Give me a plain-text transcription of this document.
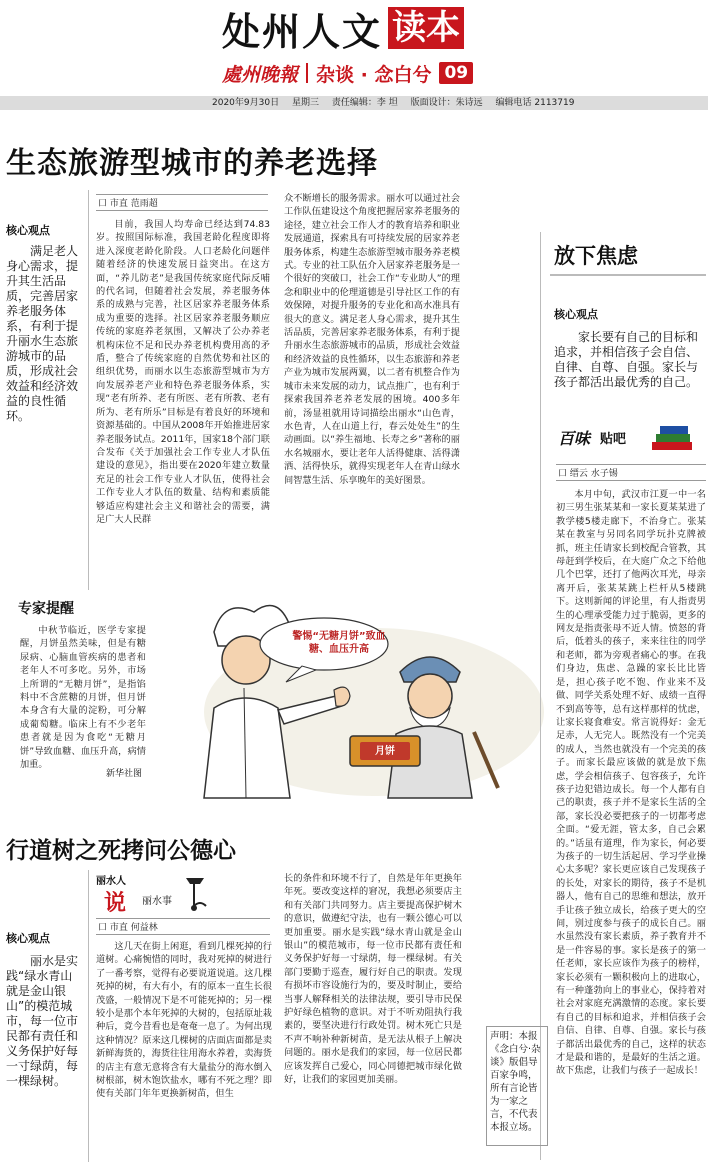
处州人文 读本
處州晚報 杂谈 · 念白兮 09
2020年9月30日 星期三 责任编辑：李 坦 版面设计：朱诗远 编辑电话 2113719
生态旅游型城市的养老选择
核心观点
满足老人身心需求，提升其生活品质，完善居家养老服务体系，有利于提升丽水生态旅游城市的品质，形成社会效益和经济效益的良性循环。
口 市直 范雨超

目前，我国人均寿命已经达到74.83岁。按照国际标准，我国老龄化程度即将进入深度老龄化阶段。人口老龄化问题伴随着经济的快速发展日益突出。在这方面，“养儿防老”是我国传统家庭代际反哺的代名词，但随着社会发展，养老服务体系的成熟与完善，社区居家养老服务体系成为重要的选择。社区居家养老服务顺应传统的家庭养老氛围，又解决了公办养老机构床位不足和民办养老机构费用高的矛盾，整合了传统家庭的自然优势和社区的组织优势，而丽水以生态旅游型城市为方向发展养老产业和特色养老服务体系，实现“老有所养、老有所医、老有所教、老有所为、老有所乐”目标是有着良好的环境和资源基础的。中国从2008年开始推进居家养老服务试点。2011年，国家18个部门联合发布《关于加强社会工作专业人才队伍建设的意见》，指出要在2020年建立数量充足的社会工作专业人才队伍，使得社会工作专业人才队伍的数量、结构和素质能够适应构建社会主义和谐社会的需要，满足广大人民群

众不断增长的服务需求。丽水可以通过社会工作队伍建设这个角度把握居家养老服务的途径，建立社会工作人才的教育培养和职业发展通道，探索具有可持续发展的居家养老服务体系，构建生态旅游型城市服务养老模式。专业的社工队伍介入居家养老服务是一个很好的突破口，社会工作“专业助人”的理念和职业中的伦理道德是引导社区工作的有效保障，对提升服务的专业化和高水准具有很大的意义。满足老人身心需求，提升其生活品质，完善居家养老服务体系，有利于提升丽水生态旅游城市的品质，形成社会效益和经济效益的良性循环，以生态旅游和养老产业为城市发展两翼，以二者有机整合作为城市未来发展的动力，试点推广，也有利于探索我国养老养老发展的困境。400多年前，汤显祖就用诗词描绘出丽水“山色青，水色青，人在山道上行，春云处处生”的生动画面。以“养生福地、长寿之乡”著称的丽水名城丽水，要让老年人活得健康、活得潇洒、活得快乐，就得实现老年人在青山绿水间智慧生活、乐享晚年的美好图景。

专家提醒

中秋节临近，医学专家提醒，月饼虽然美味，但是有糖尿病、心脑血管疾病的患者和老年人不可多吃。另外，市场上所谓的“无糖月饼”，是指馅料中不含蔗糖的月饼，但月饼本身含有大量的淀粉，可分解成葡萄糖。临床上有不少老年患者就是因为食吃“无糖月饼”导致血糖、血压升高，病情加重。

新华社图
警惕“无糖月饼”致血糖、血压升高
月饼
行道树之死拷问公德心
核心观点
丽水是实践“绿水青山就是金山银山”的模范城市，每一位市民都有责任和义务保护好每一寸绿荫，每一棵绿树。
丽水人
说 丽水事
口 市直 何益林

这几天在街上闲逛，看到几棵死掉的行道树。心痛惋惜的同时，我对死掉的树进行了一番考察，觉得有必要说道说道。这几棵死掉的树，有大有小，有的原本一直生长很茂盛，一般情况下是不可能死掉的；另一棵较小是那个本年死掉的大树的，包括原址栽种后，竟今昔看也是奄奄一息了。为何出现这种情况？原来这几棵树的店面店面都是卖新鲜海货的，海货往往用海水养着，卖海货的店主有意无意将含有大量盐分的海水倒入树根部，树木饱饮盐水，哪有不死之理？即使有关部门年年更换新树苗，但生

长的条件和环境不行了，自然是年年更换年年死。要改变这样的窘况，我想必须要店主和有关部门共同努力。店主要提高保护树木的意识，做遵纪守法，也有一颗公德心可以更加重要。丽水是实践“绿水青山就是金山银山”的模范城市，每一位市民都有责任和义务保护好每一寸绿荫，每一棵绿树。有关部门要勤于巡查，履行好自己的职责。发现有损坏市容设施行为的，要及时制止，要给当事人解释相关的法律法规，要引导市民保护好绿色植物的意识。对于不听劝阻执行我素的，要坚决进行行政处罚。树木死亡只是不声不响补种新树苗，是无法从根子上解决问题的。丽水是我们的家园，每一位居民都应该发挥自己爱心，同心同德把城市绿化做好，让我们的家园更加美丽。

放下焦虑
核心观点
家长要有自己的目标和追求，并相信孩子会自信、自律、自尊、自强。家长与孩子都活出最优秀的自己。
百味 贴吧
口 缙云 水子锡

本月中旬，武汉市江夏一中一名初三男生张某某和一家长夏某某进了教学楼5楼走廊下，不治身亡。张某某在教室与另同名同学玩扑克牌被抓，班主任请家长到校配合管教，其母赶到学校后，在大庭广众之下给他几个巴掌，还打了他两次耳光，母亲离开后，张某某跳上栏杆从5楼跳下。这则新闻的评论里，有人指责男生的心理承受能力过于脆弱，更多的网友是指责张母不近人情。愤怒的背后，低着头的孩子，来来往往的同学和老师，都为旁观者痛心的事。在我们身边，焦虑、急躁的家长比比皆是，担心孩子吃不饱、作业来不及做、同学关系处理不好、成绩一直得不到高等等，总有这样那样的忧虑，让家长寝食难安。常言说得好：金无足赤，人无完人。既然没有一个完美的成人，当然也就没有一个完美的孩子。而家长最应该做的就是放下焦虑，学会相信孩子、包容孩子，允许孩子边犯错边成长。每一个人都有自己的职责，孩子并不是家长生活的全部，家长没必要把孩子的一切都考虑全面。“爱无涯，管太多，自己会累的。”话虽有道理，作为家长，何必要为孩子的一切生活起居、学习学业操心太多呢？家长更应该自己发现孩子的长处，对家长的期待，孩子不是机器人，他有自己的思维和想法，放开手让孩子独立成长，给孩子更大的空间，别过度参与孩子的成长自己。丽水虽然没有家长素质，养子教育并不是一件容易的事。家长是孩子的第一任老师，家长应该作为孩子的榜样，家长必须有一颗积极向上的进取心，有一种蓬勃向上的事业心，保持着对社会对家庭充满激情的态度。家长要有自己的目标和追求，并相信孩子会自信、自律、自尊、自强。家长与孩子都活出最优秀的自己，这样的状态才是最和谐的，是最好的生活之道。故下焦虑，让我们与孩子一起成长！

声明：本报《念白兮·杂谈》版倡导百家争鸣，所有言论皆为一家之言，不代表本报立场。
